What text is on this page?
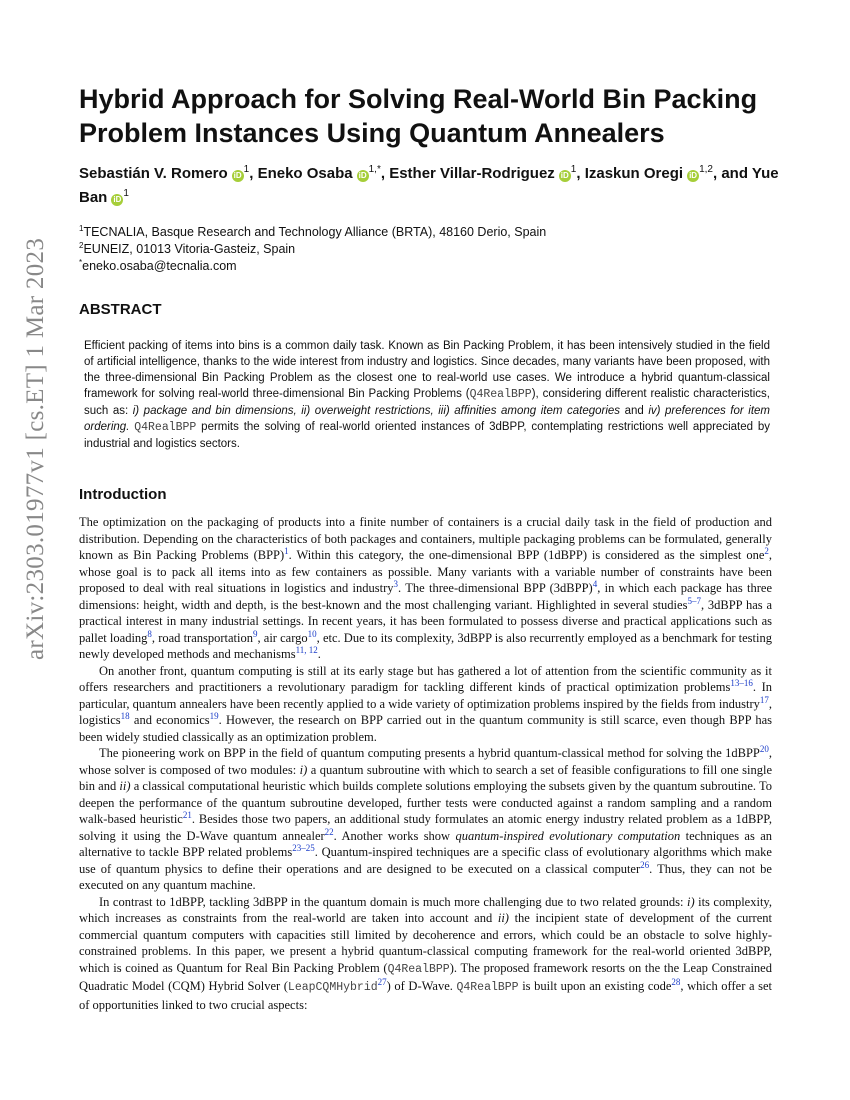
arXiv:2303.01977v1 [cs.ET] 1 Mar 2023
Hybrid Approach for Solving Real-World Bin Packing Problem Instances Using Quantum Annealers
Sebastián V. Romero $iD^1$, Eneko Osaba $iD^{1,*}$, Esther Villar-Rodriguez $iD^1$, Izaskun Oregi iD$^{1,2}$, and Yue Ban $iD^1$
$^1$TECNALIA, Basque Research and Technology Alliance (BRTA), 48160 Derio, Spain
$^2$EUNEIZ, 01013 Vitoria-Gasteiz, Spain
*eneko.osaba@tecnalia.com
ABSTRACT
Efficient packing of items into bins is a common daily task. Known as Bin Packing Problem, it has been intensively studied in the field of artificial intelligence, thanks to the wide interest from industry and logistics. Since decades, many variants have been proposed, with the three-dimensional Bin Packing Problem as the closest one to real-world use cases. We introduce a hybrid quantum-classical framework for solving real-world three-dimensional Bin Packing Problems (Q4RealBPP), considering different realistic characteristics, such as: i) package and bin dimensions, ii) overweight restrictions, iii) affinities among item categories and iv) preferences for item ordering. Q4RealBPP permits the solving of real-world oriented instances of 3dBPP, contemplating restrictions well appreciated by industrial and logistics sectors.
Introduction

The optimization on the packaging of products into a finite number of containers is a crucial daily task in the field of production and distribution. Depending on the characteristics of both packages and containers, multiple packaging problems can be formulated, generally known as Bin Packing Problems (BPP)$^1$. Within this category, the one-dimensional BPP (1dBPP) is considered as the simplest one$^2$, whose goal is to pack all items into as few containers as possible. Many variants with a variable number of constraints have been proposed to deal with real situations in logistics and industry$^3$. The three-dimensional BPP (3dBPP)$^4$, in which each package has three dimensions: height, width and depth, is the best-known and the most challenging variant. Highlighted in several studies$^{5-7}$, 3dBPP has a practical interest in many industrial settings. In recent years, it has been formulated to possess diverse and practical applications such as pallet loading$^8$, road transportation$^9$, air cargo$^{10}$, etc. Due to its complexity, 3dBPP is also recurrently employed as a benchmark for testing newly developed methods and mechanisms$^{11, 12}$.

On another front, quantum computing is still at its early stage but has gathered a lot of attention from the scientific community as it offers researchers and practitioners a revolutionary paradigm for tackling different kinds of practical optimization problems$^{13-16}$. In particular, quantum annealers have been recently applied to a wide variety of optimization problems inspired by the fields from industry$^{17}$, logistics$^{18}$ and economics$^{19}$. However, the research on BPP carried out in the quantum community is still scarce, even though BPP has been widely studied classically as an optimization problem.

The pioneering work on BPP in the field of quantum computing presents a hybrid quantum-classical method for solving the 1dBPP$^{20}$, whose solver is composed of two modules: i) a quantum subroutine with which to search a set of feasible configurations to fill one single bin and ii) a classical computational heuristic which builds complete solutions employing the subsets given by the quantum subroutine. To deepen the performance of the quantum subroutine developed, further tests were conducted against a random sampling and a random walk-based heuristic$^{21}$. Besides those two papers, an additional study formulates an atomic energy industry related problem as a 1dBPP, solving it using the D-Wave quantum annealer$^{22}$. Another works show quantum-inspired evolutionary computation techniques as an alternative to tackle BPP related problems$^{23-25}$. Quantum-inspired techniques are a specific class of evolutionary algorithms which make use of quantum physics to define their operations and are designed to be executed on a classical computer$^{26}$. Thus, they can not be executed on any quantum machine.

In contrast to 1dBPP, tackling 3dBPP in the quantum domain is much more challenging due to two related grounds: i) its complexity, which increases as constraints from the real-world are taken into account and ii) the incipient state of development of the current commercial quantum computers with capacities still limited by decoherence and errors, which could be an obstacle to solve highly-constrained problems. In this paper, we present a hybrid quantum-classical computing framework for the real-world oriented 3dBPP, which is coined as Quantum for Real Bin Packing Problem (Q4RealBPP). The proposed framework resorts on the the Leap Constrained Quadratic Model (CQM) Hybrid Solver (LeapCQMHybrid$^{27}$) of D-Wave. Q4RealBPP is built upon an existing code$^{28}$, which offer a set of opportunities linked to two crucial aspects:
